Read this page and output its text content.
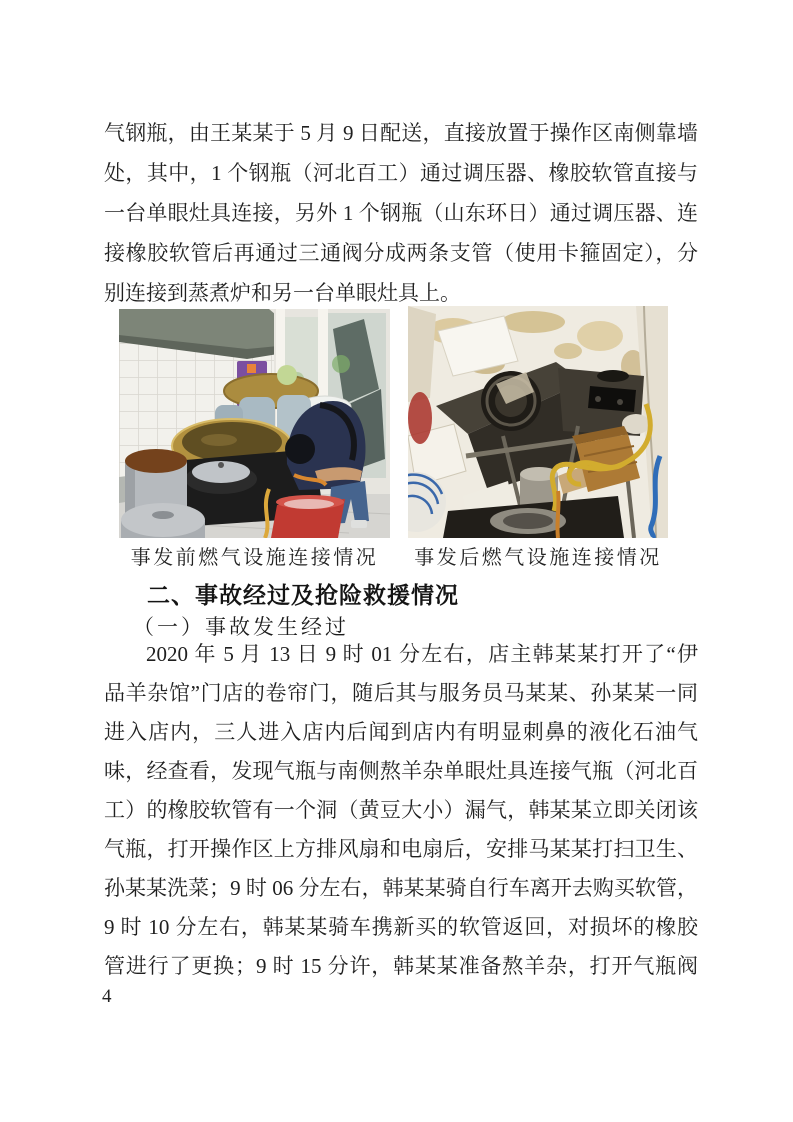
气钢瓶，由王某某于 5 月 9 日配送，直接放置于操作区南侧靠墙
处，其中，1 个钢瓶（河北百工）通过调压器、橡胶软管直接与
一台单眼灶具连接，另外 1 个钢瓶（山东环日）通过调压器、连
接橡胶软管后再通过三通阀分成两条支管（使用卡箍固定），分
别连接到蒸煮炉和另一台单眼灶具上。
事发前燃气设施连接情况	事发后燃气设施连接情况
二、事故经过及抢险救援情况
（一）事故发生经过
2020 年 5 月 13 日 9 时 01 分左右，店主韩某某打开了“伊
品羊杂馆”门店的卷帘门，随后其与服务员马某某、孙某某一同
进入店内，三人进入店内后闻到店内有明显刺鼻的液化石油气
味，经查看，发现气瓶与南侧熬羊杂单眼灶具连接气瓶（河北百
工）的橡胶软管有一个洞（黄豆大小）漏气，韩某某立即关闭该
气瓶，打开操作区上方排风扇和电扇后，安排马某某打扫卫生、
孙某某洗菜；9 时 06 分左右，韩某某骑自行车离开去购买软管，
9 时 10 分左右，韩某某骑车携新买的软管返回，对损坏的橡胶
管进行了更换；9 时 15 分许，韩某某准备熬羊杂，打开气瓶阀
4
